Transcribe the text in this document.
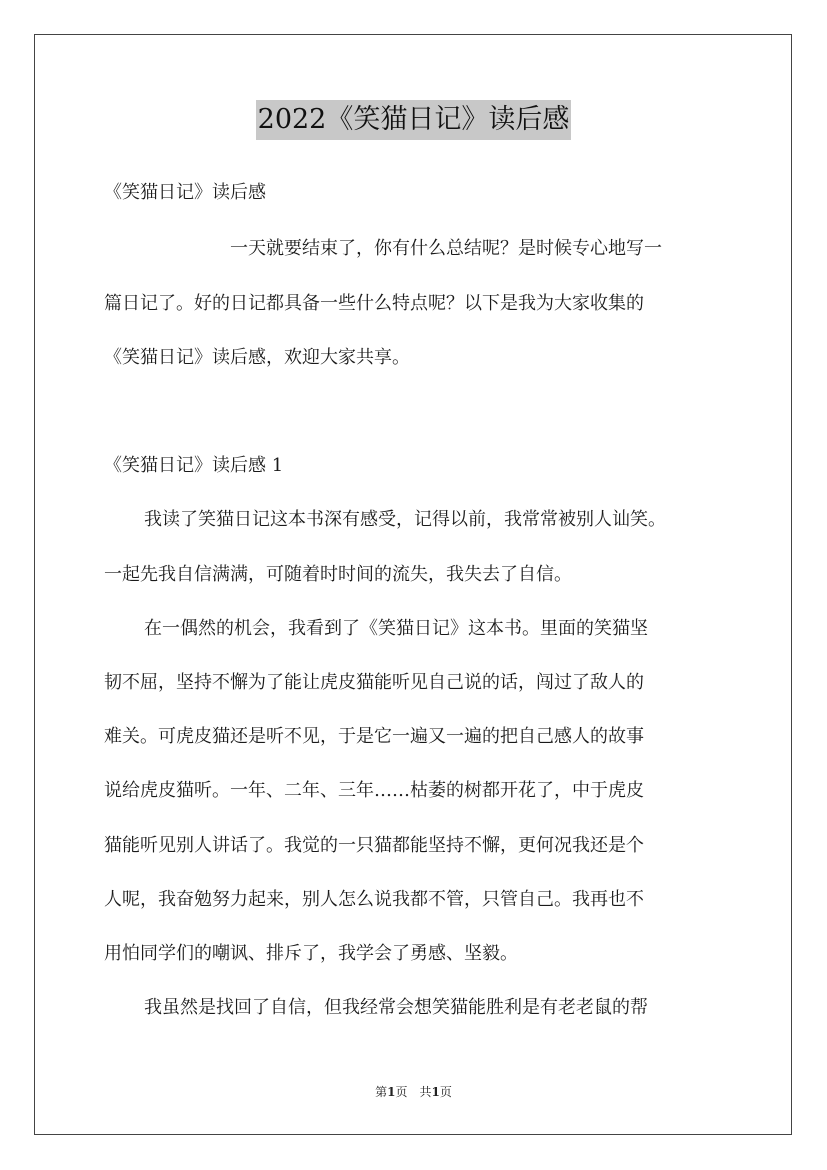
2022《笑猫日记》读后感
《笑猫日记》读后感
一天就要结束了，你有什么总结呢？是时候专心地写一
篇日记了。好的日记都具备一些什么特点呢？以下是我为大家收集的
《笑猫日记》读后感，欢迎大家共享。
《笑猫日记》读后感 1
我读了笑猫日记这本书深有感受，记得以前，我常常被别人讪笑。
一起先我自信满满，可随着时时间的流失，我失去了自信。
在一偶然的机会，我看到了《笑猫日记》这本书。里面的笑猫坚
韧不屈，坚持不懈为了能让虎皮猫能听见自己说的话，闯过了敌人的
难关。可虎皮猫还是听不见，于是它一遍又一遍的把自己感人的故事
说给虎皮猫听。一年、二年、三年……枯萎的树都开花了，中于虎皮
猫能听见别人讲话了。我觉的一只猫都能坚持不懈，更何况我还是个
人呢，我奋勉努力起来，别人怎么说我都不管，只管自己。我再也不
用怕同学们的嘲讽、排斥了，我学会了勇感、坚毅。
我虽然是找回了自信，但我经常会想笑猫能胜利是有老老鼠的帮
第1页 共1页
